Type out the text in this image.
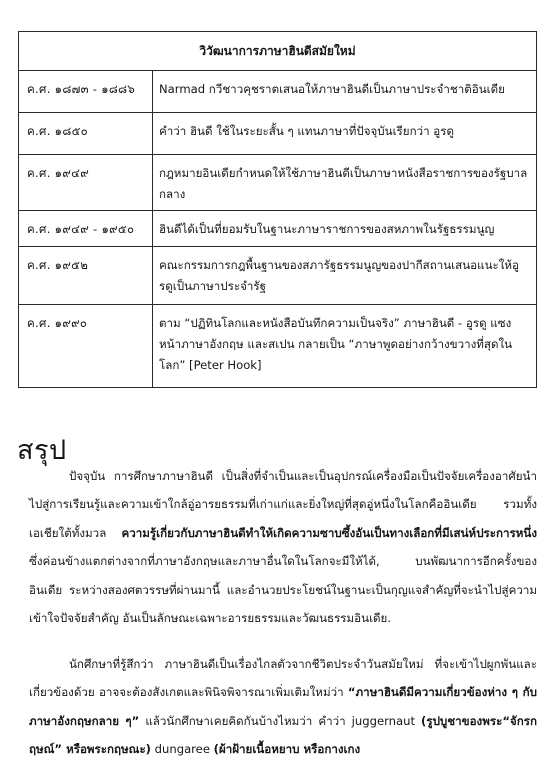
วิวัฒนาการภาษาฮินดีสมัยใหม่	
ค.ศ. ๑๘๗๓ - ๑๘๘๖	Narmad กวีชาวคุชราตเสนอให้ภาษาฮินดีเป็นภาษาประจำชาติอินเดีย
ค.ศ. ๑๘๕๐	คำว่า ฮินดี ใช้ในระยะสั้น ๆ แทนภาษาที่ปัจจุบันเรียกว่า อูรดู
ค.ศ. ๑๙๔๙	กฎหมายอินเดียกำหนดให้ใช้ภาษาฮินดีเป็นภาษาหนังสือราชการของรัฐบาลกลาง
ค.ศ. ๑๙๔๙ - ๑๙๕๐	ฮินดีได้เป็นที่ยอมรับในฐานะภาษาราชการของสหภาพในรัฐธรรมนูญ
ค.ศ. ๑๙๕๒	คณะกรรมการกฎพื้นฐานของสภารัฐธรรมนูญของปากีสถานเสนอแนะให้อูรดูเป็นภาษาประจำรัฐ
ค.ศ. ๑๙๙๐	ตาม “ปฏิทินโลกและหนังสือบันทึกความเป็นจริง” ภาษาฮินดี - อูรดู แซงหน้าภาษาอังกฤษ และสเปน กลายเป็น “ภาษาพูดอย่างกว้างขวางที่สุดในโลก” [Peter Hook]
สรุป

ปัจจุบัน การศึกษาภาษาฮินดี เป็นสิ่งที่จำเป็นและเป็นอุปกรณ์เครื่องมือเป็นปัจจัยเครื่องอาศัยนำไปสู่การเรียนรู้และความเข้าใกล้อู่อารยธรรมที่เก่าแก่และยิ่งใหญ่ที่สุดอู่หนึ่งในโลกคืออินเดีย รวมทั้งเอเชียใต้ทั้งมวล ความรู้เกี่ยวกับภาษาฮินดีทำให้เกิดความซาบซึ้งอันเป็นทางเลือกที่มีเสน่ห์ประการหนึ่ง ซึ่งค่อนข้างแตกต่างจากที่ภาษาอังกฤษและภาษาอื่นใดในโลกจะมีให้ได้, บนพัฒนาการอีกครั้งของอินเดีย ระหว่างสองศตวรรษที่ผ่านมานี้ และอำนวยประโยชน์ในฐานะเป็นกุญแจสำคัญที่จะนำไปสู่ความเข้าใจปัจจัยสำคัญ อันเป็นลักษณะเฉพาะอารยธรรมและวัฒนธรรมอินเดีย.

นักศึกษาที่รู้สึกว่า ภาษาฮินดีเป็นเรื่องไกลตัวจากชีวิตประจำวันสมัยใหม่ ที่จะเข้าไปผูกพันและเกี่ยวข้องด้วย อาจจะต้องสังเกตและพินิจพิจารณาเพิ่มเติมใหม่ว่า “ภาษาฮินดีมีความเกี่ยวข้องห่าง ๆ กับภาษาอังกฤษกลาย ๆ” แล้วนักศึกษาเคยคิดกันบ้างไหมว่า คำว่า juggernaut (รูปบูชาของพระ“จักรกฤษณ์” หรือพระกฤษณะ) dungaree (ผ้าฝ้ายเนื้อหยาบ หรือกางเกง
